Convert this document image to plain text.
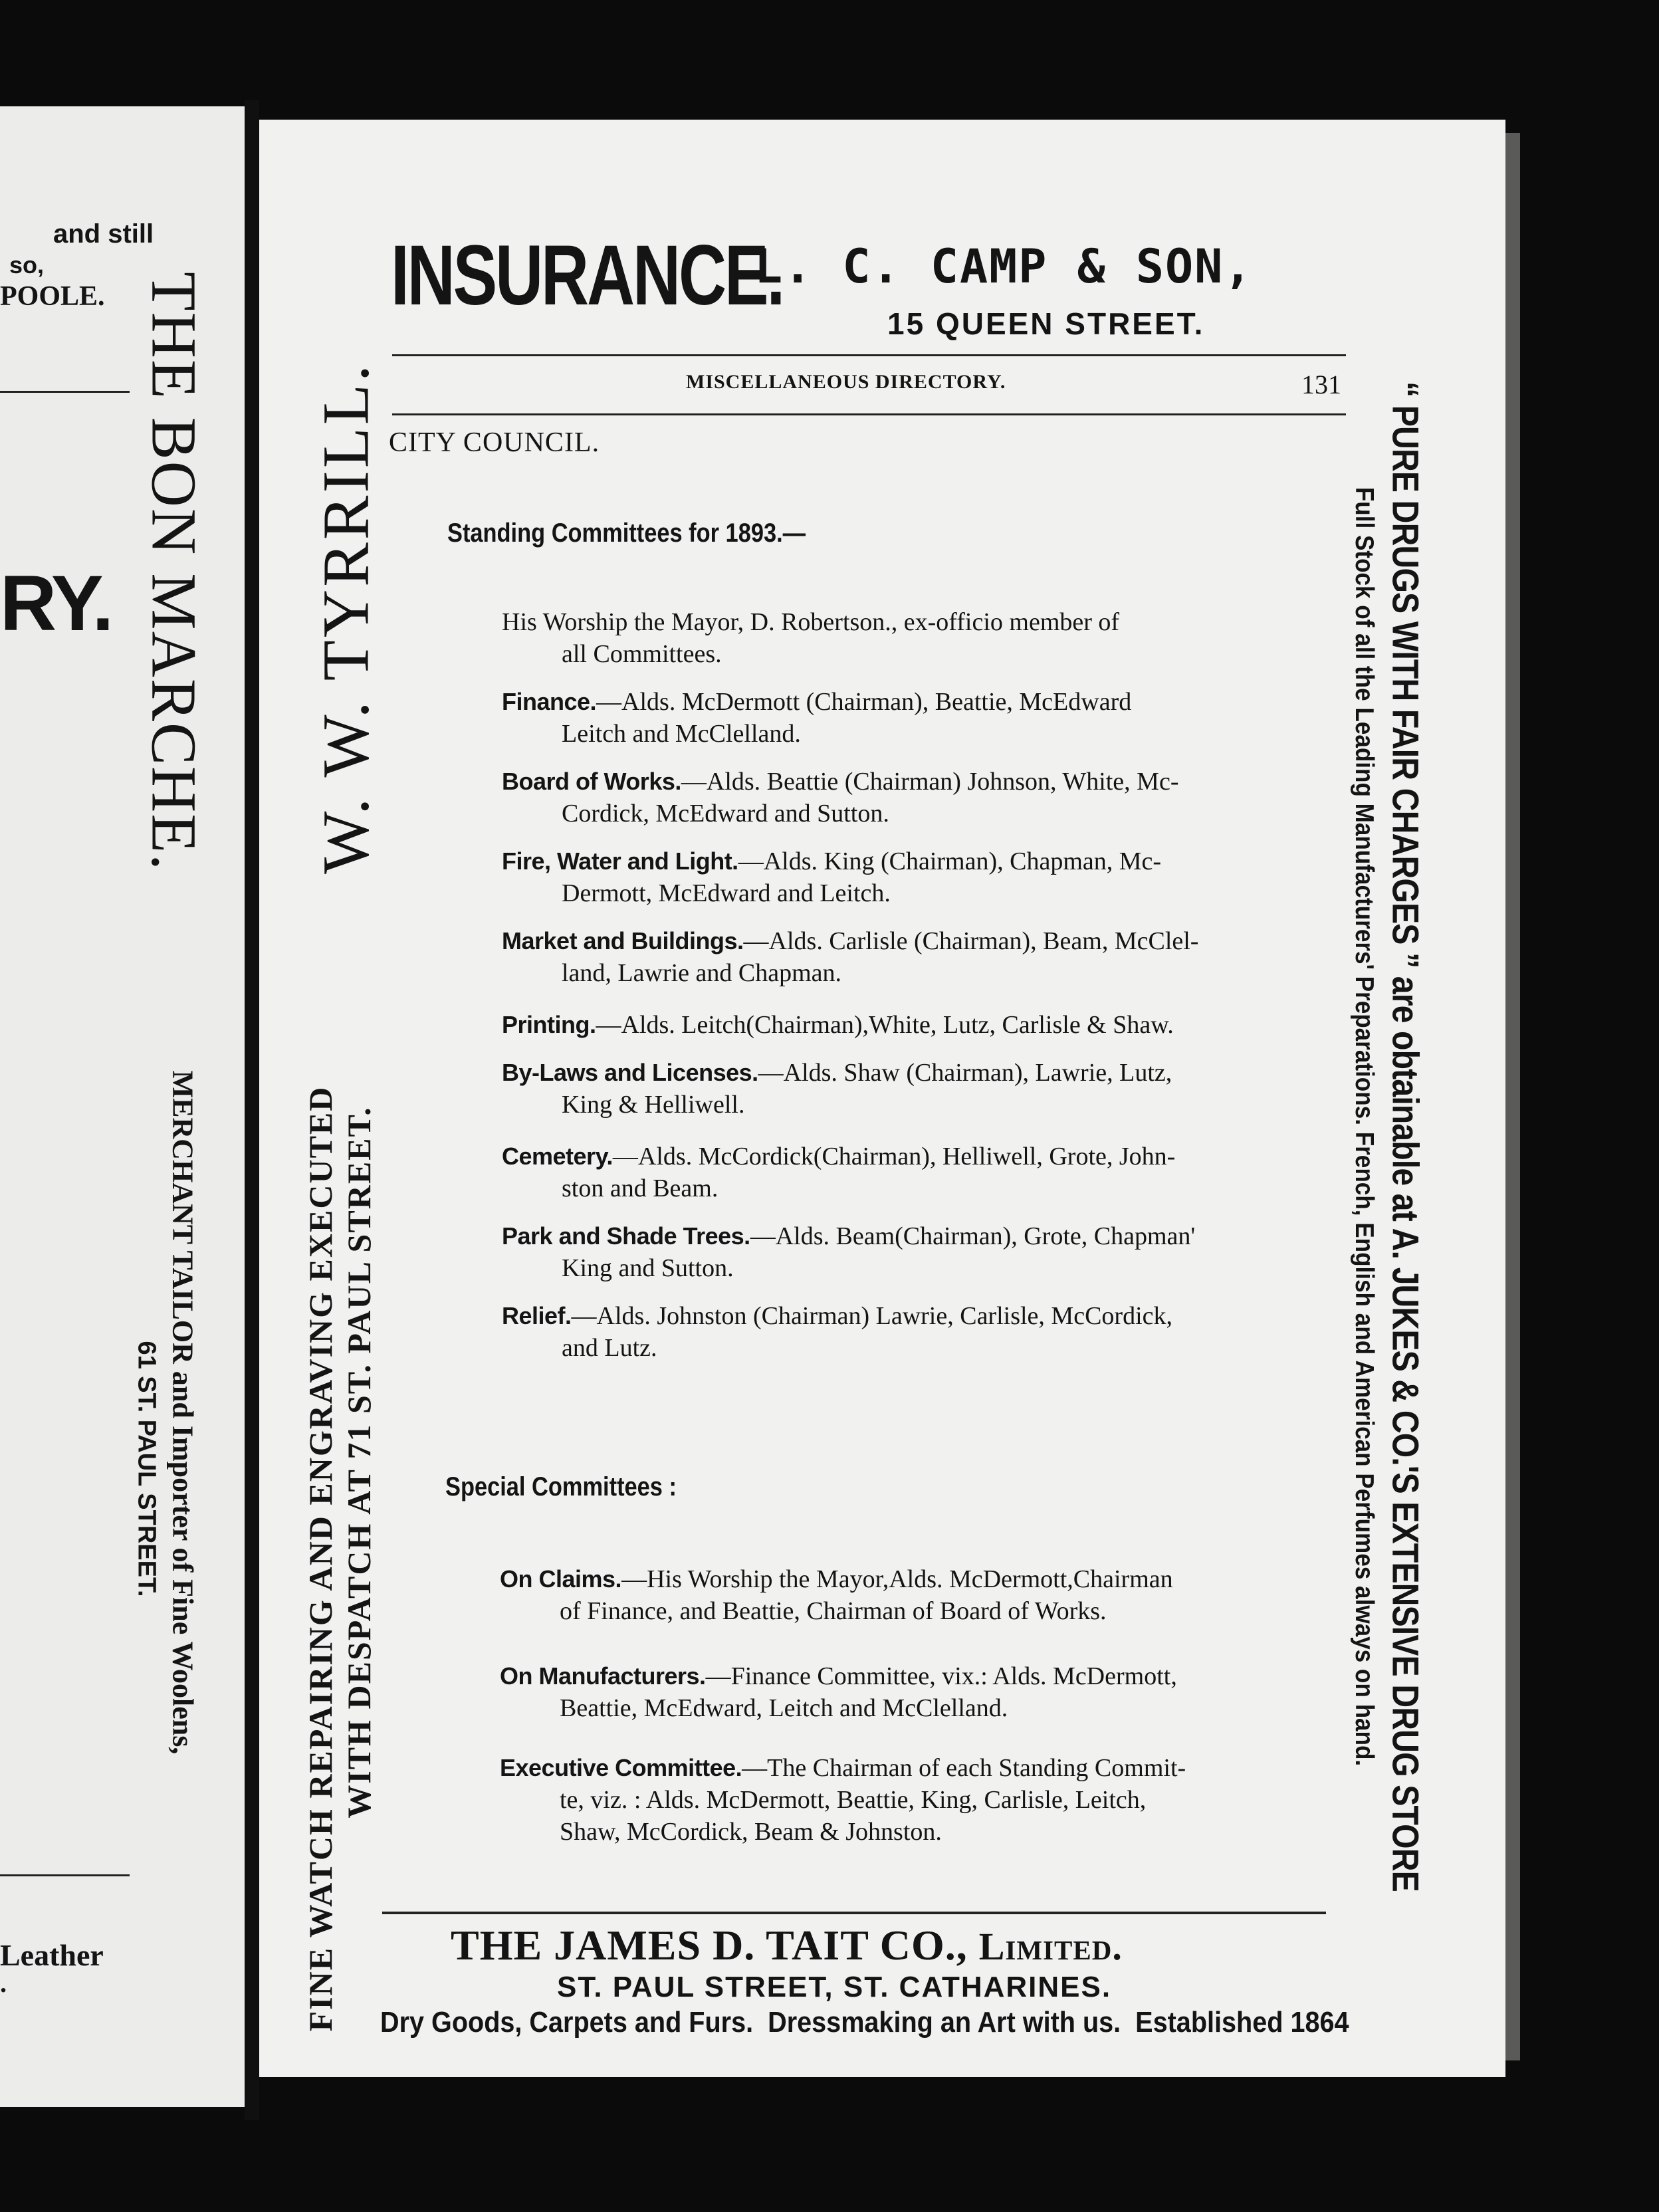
and still
so,
POOLE.
RY. THE BON MARCHE.
MERCHANT TAILOR and Importer of Fine Woolens,
61 ST. PAUL STREET.
Leather
.
INSURANCE.
L. C. CAMP & SON,
15 QUEEN STREET.
MISCELLANEOUS DIRECTORY.	131
W. W. TYRRILL.
FINE WATCH REPAIRING AND ENGRAVING EXECUTED WITH DESPATCH AT 71 ST. PAUL STREET.	“ PURE DRUGS WITH FAIR CHARGES ” are obtainable at A. JUKES & CO.'S EXTENSIVE DRUG STORE
Full Stock of all the Leading Manufacturers' Preparations. French, English and American Perfumes always on hand.
CITY COUNCIL.
Standing Committees for 1893.—
His Worship the Mayor, D. Robertson., ex-officio member of
all Committees.
Finance.—Alds. McDermott (Chairman), Beattie, McEdward
Leitch and McClelland.
Board of Works.—Alds. Beattie (Chairman) Johnson, White, Mc-
Cordick, McEdward and Sutton.
Fire, Water and Light.—Alds. King (Chairman), Chapman, Mc-
Dermott, McEdward and Leitch.
Market and Buildings.—Alds. Carlisle (Chairman), Beam, McClel-
land, Lawrie and Chapman.
Printing.—Alds. Leitch(Chairman),White, Lutz, Carlisle & Shaw.
By-Laws and Licenses.—Alds. Shaw (Chairman), Lawrie, Lutz,
King & Helliwell.
Cemetery.—Alds. McCordick(Chairman), Helliwell, Grote, John-
ston and Beam.
Park and Shade Trees.—Alds. Beam(Chairman), Grote, Chapman'
King and Sutton.
Relief.—Alds. Johnston (Chairman) Lawrie, Carlisle, McCordick,
and Lutz.
Special Committees :
On Claims.—His Worship the Mayor,Alds. McDermott,Chairman
of Finance, and Beattie, Chairman of Board of Works.
On Manufacturers.—Finance Committee, vix.: Alds. McDermott,
Beattie, McEdward, Leitch and McClelland.
Executive Committee.—The Chairman of each Standing Commit-
te, viz. : Alds. McDermott, Beattie, King, Carlisle, Leitch,
Shaw, McCordick, Beam & Johnston.
THE JAMES D. TAIT CO., Limited.
ST. PAUL STREET, ST. CATHARINES.
Dry Goods, Carpets and Furs.  Dressmaking an Art with us.  Established 1864
